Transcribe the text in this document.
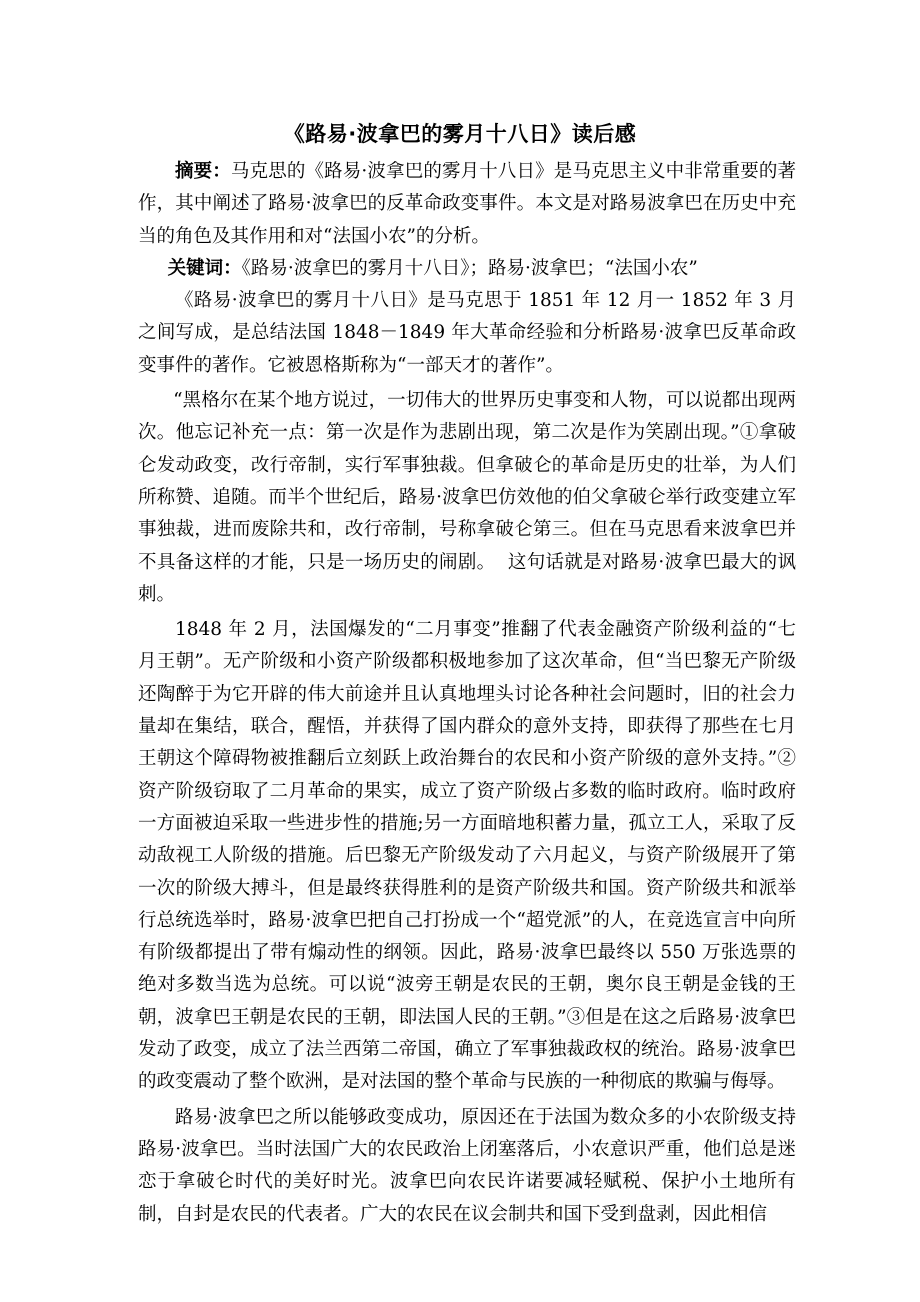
《路易·波拿巴的雾月十八日》读后感

摘要：马克思的《路易·波拿巴的雾月十八日》是马克思主义中非常重要的著作，其中阐述了路易·波拿巴的反革命政变事件。本文是对路易波拿巴在历史中充当的角色及其作用和对“法国小农”的分析。

关键词：《路易·波拿巴的雾月十八日》；路易·波拿巴；“法国小农”

《路易·波拿巴的雾月十八日》是马克思于 1851 年 12 月一 1852 年 3 月之间写成，是总结法国 1848－1849 年大革命经验和分析路易·波拿巴反革命政变事件的著作。它被恩格斯称为“一部天才的著作”。

“黑格尔在某个地方说过，一切伟大的世界历史事变和人物，可以说都出现两次。他忘记补充一点：第一次是作为悲剧出现，第二次是作为笑剧出现。”①拿破仑发动政变，改行帝制，实行军事独裁。但拿破仑的革命是历史的壮举，为人们所称赞、追随。而半个世纪后，路易·波拿巴仿效他的伯父拿破仑举行政变建立军事独裁，进而废除共和，改行帝制，号称拿破仑第三。但在马克思看来波拿巴并不具备这样的才能，只是一场历史的闹剧。  这句话就是对路易·波拿巴最大的讽刺。

1848 年 2 月，法国爆发的“二月事变”推翻了代表金融资产阶级利益的“七月王朝”。无产阶级和小资产阶级都积极地参加了这次革命，但“当巴黎无产阶级还陶醉于为它开辟的伟大前途并且认真地埋头讨论各种社会问题时，旧的社会力量却在集结，联合，醒悟，并获得了国内群众的意外支持，即获得了那些在七月王朝这个障碍物被推翻后立刻跃上政治舞台的农民和小资产阶级的意外支持。”②资产阶级窃取了二月革命的果实，成立了资产阶级占多数的临时政府。临时政府一方面被迫采取一些进步性的措施;另一方面暗地积蓄力量，孤立工人，采取了反动敌视工人阶级的措施。后巴黎无产阶级发动了六月起义，与资产阶级展开了第一次的阶级大搏斗，但是最终获得胜利的是资产阶级共和国。资产阶级共和派举行总统选举时，路易·波拿巴把自己打扮成一个“超党派”的人，在竞选宣言中向所有阶级都提出了带有煽动性的纲领。因此，路易·波拿巴最终以 550 万张选票的绝对多数当选为总统。可以说“波旁王朝是农民的王朝，奥尔良王朝是金钱的王朝，波拿巴王朝是农民的王朝，即法国人民的王朝。”③但是在这之后路易·波拿巴发动了政变，成立了法兰西第二帝国，确立了军事独裁政权的统治。路易·波拿巴的政变震动了整个欧洲，是对法国的整个革命与民族的一种彻底的欺骗与侮辱。

路易·波拿巴之所以能够政变成功，原因还在于法国为数众多的小农阶级支持路易·波拿巴。当时法国广大的农民政治上闭塞落后，小农意识严重，他们总是迷恋于拿破仑时代的美好时光。波拿巴向农民许诺要减轻赋税、保护小土地所有制，自封是农民的代表者。广大的农民在议会制共和国下受到盘剥，因此相信
